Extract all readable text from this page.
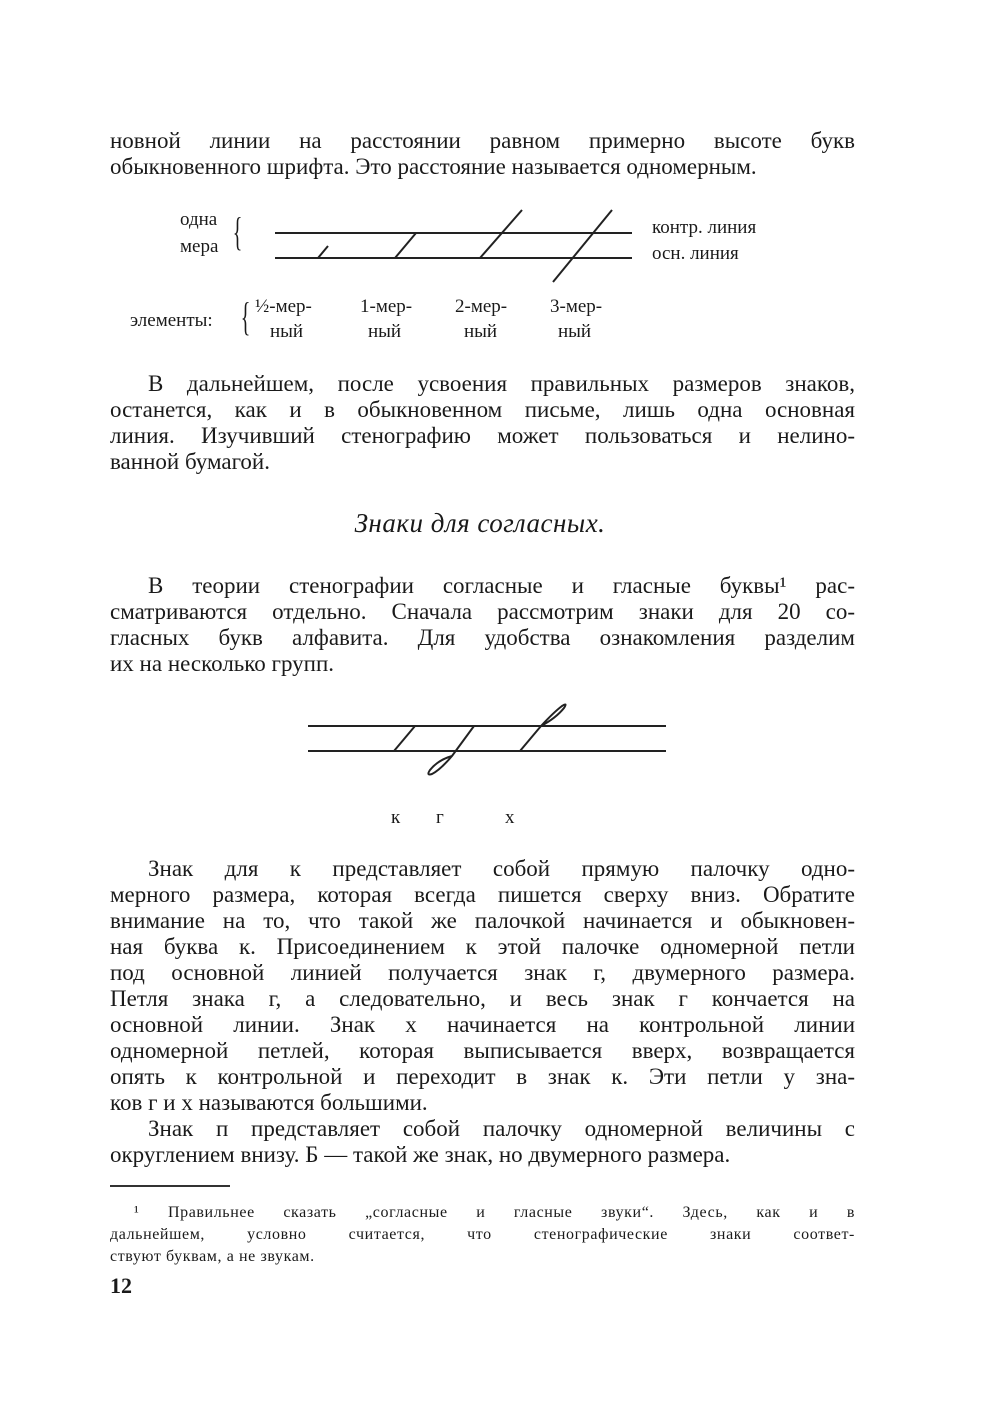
новной линии на расстоянии равном примерно высоте букв
обыкновенного шрифта. Это расстояние называется одномерным.
В дальнейшем, после усвоения правильных размеров знаков,
останется, как и в обыкновенном письме, лишь одна основная
линия. Изучивший стенографию может пользоваться и нелино-
ванной бумагой.
В теории стенографии согласные и гласные буквы¹ рас-
сматриваются отдельно. Сначала рассмотрим знаки для 20 со-
гласных букв алфавита. Для удобства ознакомления разделим
их на несколько групп.
Знак для к представляет собой прямую палочку одно-
мерного размера, которая всегда пишется сверху вниз. Обратите
внимание на то, что такой же палочкой начинается и обыкновен-
ная буква к. Присоединением к этой палочке одномерной петли
под основной линией получается знак г, двумерного размера.
Петля знака г, а следовательно, и весь знак г кончается на
основной линии. Знак х начинается на контрольной линии
одномерной петлей, которая выписывается вверх, возвращается
опять к контрольной и переходит в знак к. Эти петли у зна-
ков г и х называются большими.
Знак п представляет собой палочку одномерной величины с
округлением внизу. Б — такой же знак, но двумерного размера.
Знаки для согласных.
одна
мера {	контр. линия
осн. линия
элементы: { ½-мер-
ный
1-мер-
ный
2-мер-
ный
3-мер-
ный
к г	х
¹ Правильнее сказать „согласные и гласные звуки“. Здесь, как и в
дальнейшем, условно считается, что стенографические знаки соответ-
ствуют буквам, а не звукам.
12
